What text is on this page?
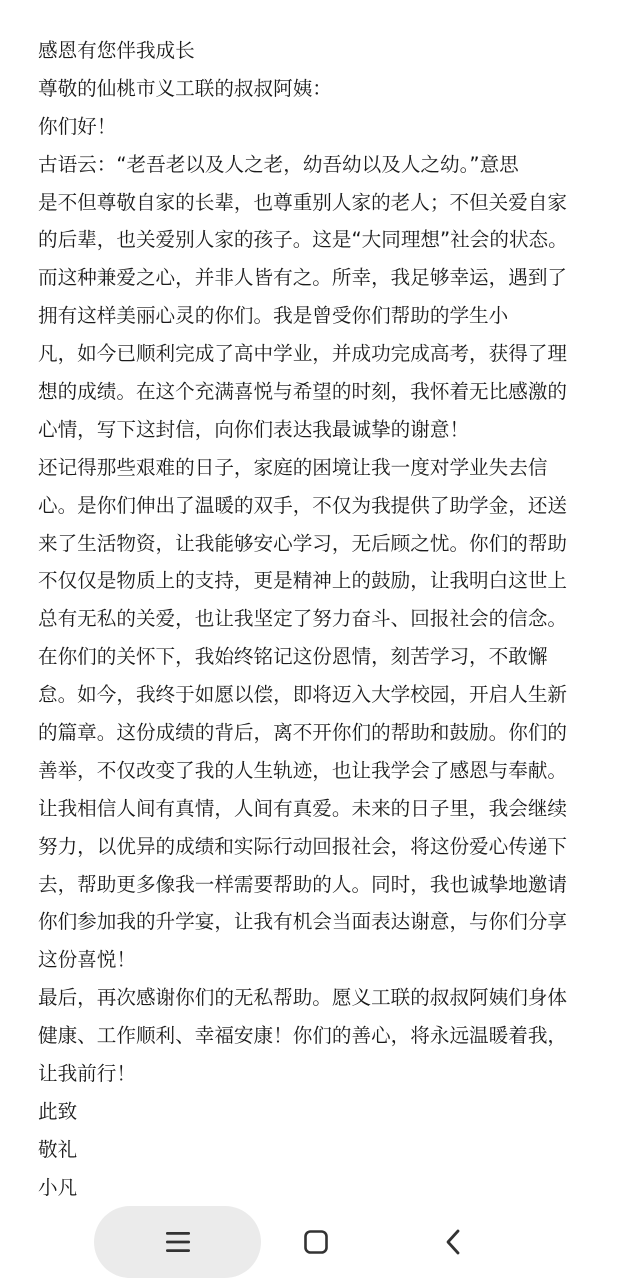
感恩有您伴我成长
尊敬的仙桃市义工联的叔叔阿姨：
你们好！
古语云：“老吾老以及人之老，幼吾幼以及人之幼。”意思
是不但尊敬自家的长辈，也尊重别人家的老人；不但关爱自家
的后辈，也关爱别人家的孩子。这是“大同理想”社会的状态。
而这种兼爱之心，并非人皆有之。所幸，我足够幸运，遇到了
拥有这样美丽心灵的你们。我是曾受你们帮助的学生小
凡，如今已顺利完成了高中学业，并成功完成高考，获得了理
想的成绩。在这个充满喜悦与希望的时刻，我怀着无比感激的
心情，写下这封信，向你们表达我最诚挚的谢意！
还记得那些艰难的日子，家庭的困境让我一度对学业失去信
心。是你们伸出了温暖的双手，不仅为我提供了助学金，还送
来了生活物资，让我能够安心学习，无后顾之忧。你们的帮助
不仅仅是物质上的支持，更是精神上的鼓励，让我明白这世上
总有无私的关爱，也让我坚定了努力奋斗、回报社会的信念。
在你们的关怀下，我始终铭记这份恩情，刻苦学习，不敢懈
怠。如今，我终于如愿以偿，即将迈入大学校园，开启人生新
的篇章。这份成绩的背后，离不开你们的帮助和鼓励。你们的
善举，不仅改变了我的人生轨迹，也让我学会了感恩与奉献。
让我相信人间有真情，人间有真爱。未来的日子里，我会继续
努力，以优异的成绩和实际行动回报社会，将这份爱心传递下
去，帮助更多像我一样需要帮助的人。同时，我也诚挚地邀请
你们参加我的升学宴，让我有机会当面表达谢意，与你们分享
这份喜悦！
最后，再次感谢你们的无私帮助。愿义工联的叔叔阿姨们身体
健康、工作顺利、幸福安康！你们的善心，将永远温暖着我，
让我前行！
此致
敬礼
小凡
